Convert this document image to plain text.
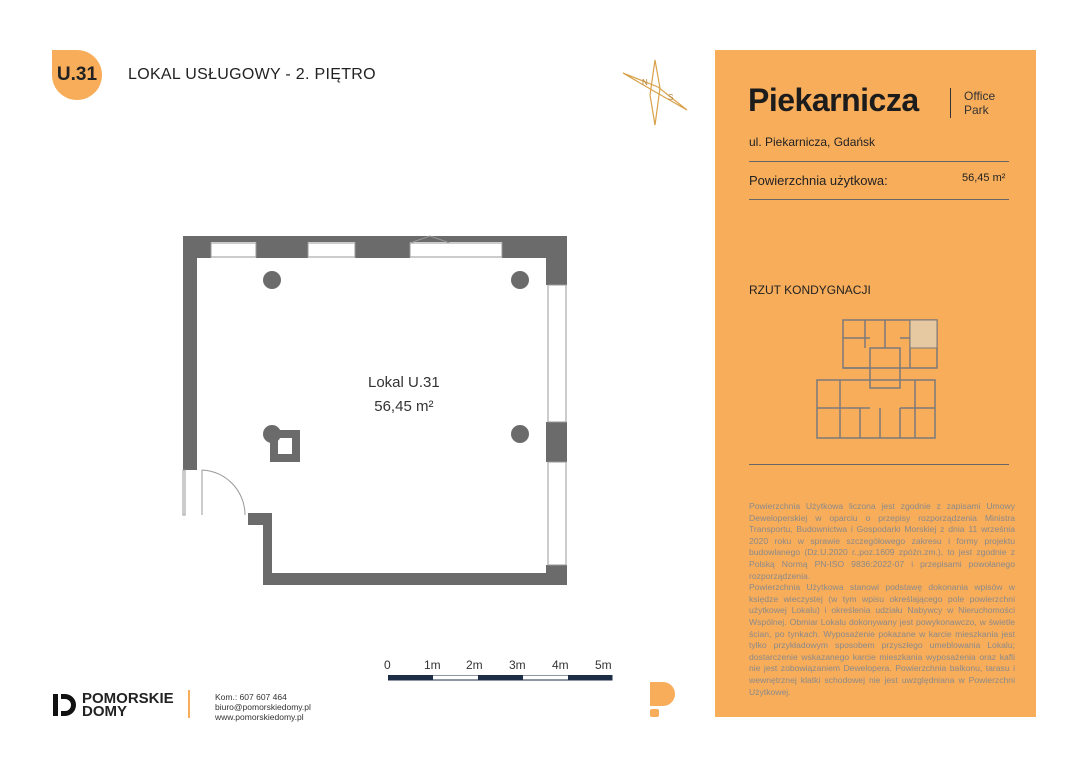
U.31	LOKAL USŁUGOWY - 2. PIĘTRO	N
S
Lokal U.31
56,45 m²
0	1m 2m 3m 4m 5m
Piekarnicza	Office
Park
ul. Piekarnicza, Gdańsk
Powierzchnia użytkowa:	56,45 m²
RZUT KONDYGNACJI

Powierzchnia Użytkowa liczona jest zgodnie z zapisami Umowy Deweloperskiej w oparciu o przepisy rozporządzenia Ministra Transportu, Budownictwa i Gospodarki Morskiej z dnia 11 września 2020 roku w sprawie szczegółowego zakresu i formy projektu budowlanego (Dz.U.2020 r.,poz.1609 zpóźn.zm.), to jest zgodnie z Polską Normą PN-ISO 9836:2022-07 i przepisami powołanego rozporządzenia.

Powierzchnia Użytkowa stanowi podstawę dokonania wpisów w księdze wieczystej (w tym wpisu określającego pole powierzchni użytkowej Lokalu) i określenia udziału Nabywcy w Nieruchomości Wspólnej. Obmiar Lokalu dokonywany jest powykonawczo, w świetle ścian, po tynkach. Wyposażenie pokazane w karcie mieszkania jest tylko przykładowym sposobem przyszłego umeblowania Lokalu; dostarczenie wskazanego karcie mieszkania wyposażenia oraz kafli nie jest zobowiązaniem Dewelopera. Powierzchnia balkonu, tarasu i wewnętrznej klatki schodowej nie jest uwzględniana w Powierzchni Użytkowej.

POMORSKIE
DOMY
Kom.: 607 607 464
biuro@pomorskiedomy.pl
www.pomorskiedomy.pl
